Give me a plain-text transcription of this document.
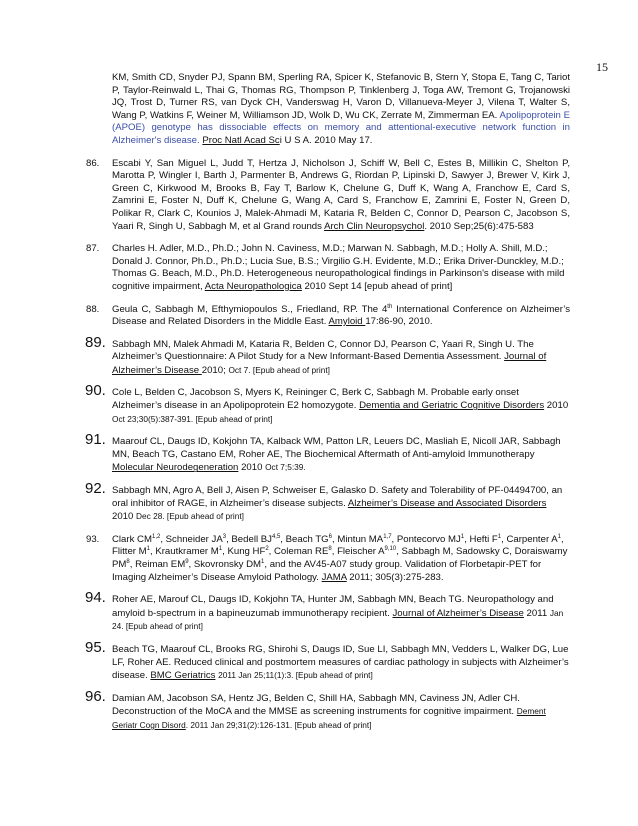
15
KM, Smith CD, Snyder PJ, Spann BM, Sperling RA, Spicer K, Stefanovic B, Stern Y, Stopa E, Tang C, Tariot P, Taylor-Reinwald L, Thai G, Thomas RG, Thompson P, Tinklenberg J, Toga AW, Tremont G, Trojanowski JQ, Trost D, Turner RS, van Dyck CH, Vanderswag H, Varon D, Villanueva-Meyer J, Vilena T, Walter S, Wang P, Watkins F, Weiner M, Williamson JD, Wolk D, Wu CK, Zerrate M, Zimmerman EA. Apolipoprotein E (APOE) genotype has dissociable effects on memory and attentional-executive network function in Alzheimer's disease. Proc Natl Acad Sci U S A. 2010 May 17.
86. Escabi Y, San Miguel L, Judd T, Hertza J, Nicholson J, Schiff W, Bell C, Estes B, Millikin C, Shelton P, Marotta P, Wingler I, Barth J, Parmenter B, Andrews G, Riordan P, Lipinski D, Sawyer J, Brewer V, Kirk J, Green C, Kirkwood M, Brooks B, Fay T, Barlow K, Chelune G, Duff K, Wang A, Franchow E, Card S, Zamrini E, Foster N, Duff K, Chelune G, Wang A, Card S, Franchow E, Zamrini E, Foster N, Green D, Polikar R, Clark C, Kounios J, Malek-Ahmadi M, Kataria R, Belden C, Connor D, Pearson C, Jacobson S, Yaari R, Singh U, Sabbagh M, et al Grand rounds Arch Clin Neuropsychol. 2010 Sep;25(6):475-583
87. Charles H. Adler, M.D., Ph.D.; John N. Caviness, M.D.; Marwan N. Sabbagh, M.D.; Holly A. Shill, M.D.; Donald J. Connor, Ph.D., Ph.D.; Lucia Sue, B.S.; Virgilio G.H. Evidente, M.D.; Erika Driver-Dunckley, M.D.; Thomas G. Beach, M.D., Ph.D. Heterogeneous neuropathological findings in Parkinson's disease with mild cognitive impairment, Acta Neuropathologica 2010 Sept 14 [epub ahead of print]
88. Geula C, Sabbagh M, Efthymiopoulos S., Friedland, RP. The 4th International Conference on Alzheimer’s Disease and Related Disorders in the Middle East. Amyloid 17:86-90, 2010.
89. Sabbagh MN, Malek Ahmadi M, Kataria R, Belden C, Connor DJ, Pearson C, Yaari R, Singh U. The Alzheimer’s Questionnaire: A Pilot Study for a New Informant-Based Dementia Assessment. Journal of Alzheimer’s Disease 2010; Oct 7. [Epub ahead of print]
90. Cole L, Belden C, Jacobson S, Myers K, Reininger C, Berk C, Sabbagh M. Probable early onset Alzheimer’s disease in an Apolipoprotein E2 homozygote. Dementia and Geriatric Cognitive Disorders 2010 Oct 23;30(5):387-391. [Epub ahead of print]
91. Maarouf CL, Daugs ID, Kokjohn TA, Kalback WM, Patton LR, Leuers DC, Masliah E, Nicoll JAR, Sabbagh MN, Beach TG, Castano EM, Roher AE, The Biochemical Aftermath of Anti-amyloid Immunotherapy Molecular Neurodegeneration 2010 Oct 7;5:39.
92. Sabbagh MN, Agro A, Bell J, Aisen P, Schweiser E, Galasko D. Safety and Tolerability of PF-04494700, an oral inhibitor of RAGE, in Alzheimer’s disease subjects. Alzheimer’s Disease and Associated Disorders 2010 Dec 28. [Epub ahead of print]
93. Clark CM$^{1,2}$, Schneider $JA^3$, Bedell BJ$^{4,5}$, Beach $TG^6$, Mintun MA$^{1,7}$, Pontecorvo $MJ^1$, Hefti $F^1$, Carpenter $A^1$, Flitter $M^1$, Krautkramer $M^1$, Kung $HF^2$, Coleman $RE^8$, Fleischer A$^{9,10}$, Sabbagh M, Sadowsky C, Doraiswamy $PM^8$, Reiman $EM^9$, Skovronsky $DM^1$, and the AV45-A07 study group. Validation of Florbetapir-PET for Imaging Alzheimer’s Disease Amyloid Pathology. JAMA 2011; 305(3):275-283.
94. Roher AE, Marouf CL, Daugs ID, Kokjohn TA, Hunter JM, Sabbagh MN, Beach TG. Neuropathology and amyloid b-spectrum in a bapineuzumab immunotherapy recipient. Journal of Alzheimer’s Disease 2011 Jan 24. [Epub ahead of print]
95. Beach TG, Maarouf CL, Brooks RG, Shirohi S, Daugs ID, Sue LI, Sabbagh MN, Vedders L, Walker DG, Lue LF, Roher AE. Reduced clinical and postmortem measures of cardiac pathology in subjects with Alzheimer’s disease. BMC Geriatrics 2011 Jan 25;11(1):3. [Epub ahead of print]
96. Damian AM, Jacobson SA, Hentz JG, Belden C, Shill HA, Sabbagh MN, Caviness JN, Adler CH. Deconstruction of the MoCA and the MMSE as screening instruments for cognitive impairment. Dement Geriatr Cogn Disord. 2011 Jan 29;31(2):126-131. [Epub ahead of print]
